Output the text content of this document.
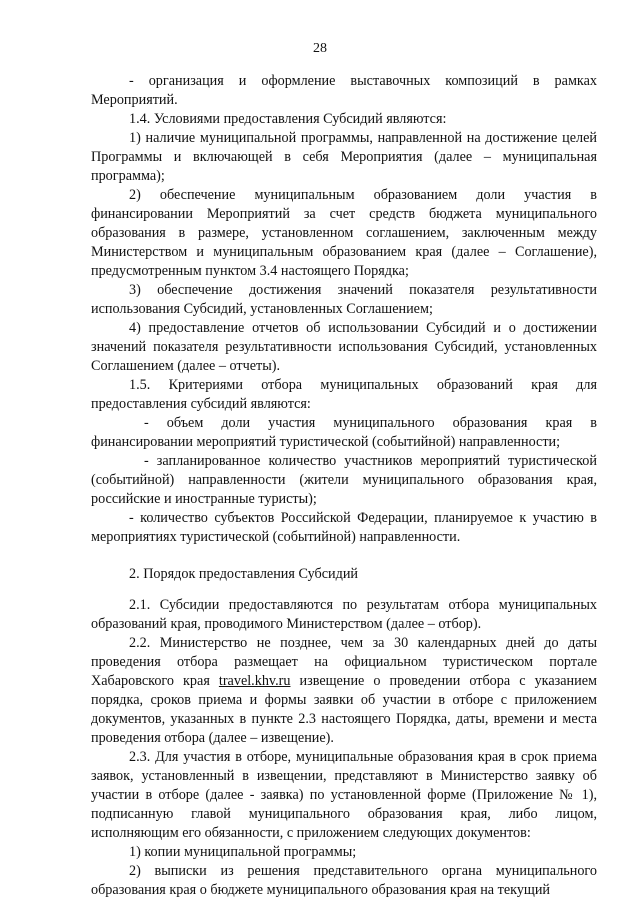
28

- организация и оформление выставочных композиций в рамках Мероприятий.

1.4. Условиями предоставления Субсидий являются:

1) наличие муниципальной программы, направленной на достижение целей Программы и включающей в себя Мероприятия (далее – муниципальная программа);

2) обеспечение муниципальным образованием доли участия в финансировании Мероприятий за счет средств бюджета муниципального образования в размере, установленном соглашением, заключенным между Министерством и муниципальным образованием края (далее – Соглашение), предусмотренным пунктом 3.4 настоящего Порядка;

3) обеспечение достижения значений показателя результативности использования Субсидий, установленных Соглашением;

4) предоставление отчетов об использовании Субсидий и о достижении значений показателя результативности использования Субсидий, установленных Соглашением (далее – отчеты).

1.5. Критериями отбора муниципальных образований края для предоставления субсидий являются:

- объем доли участия муниципального образования края в финансировании мероприятий туристической (событийной) направленности;

- запланированное количество участников мероприятий туристической (событийной) направленности (жители муниципального образования края, российские и иностранные туристы);

- количество субъектов Российской Федерации, планируемое к участию в мероприятиях туристической (событийной) направленности.

2. Порядок предоставления Субсидий

2.1. Субсидии предоставляются по результатам отбора муниципальных образований края, проводимого Министерством (далее – отбор).

2.2. Министерство не позднее, чем за 30 календарных дней до даты проведения отбора размещает на официальном туристическом портале Хабаровского края travel.khv.ru извещение о проведении отбора с указанием порядка, сроков приема и формы заявки об участии в отборе с приложением документов, указанных в пункте 2.3 настоящего Порядка, даты, времени и места проведения отбора (далее – извещение).

2.3. Для участия в отборе, муниципальные образования края в срок приема заявок, установленный в извещении, представляют в Министерство заявку об участии в отборе (далее - заявка) по установленной форме (Приложение № 1), подписанную главой муниципального образования края, либо лицом, исполняющим его обязанности, с приложением следующих документов:

1) копии муниципальной программы;

2) выписки из решения представительного органа муниципального образования края о бюджете муниципального образования края на текущий
